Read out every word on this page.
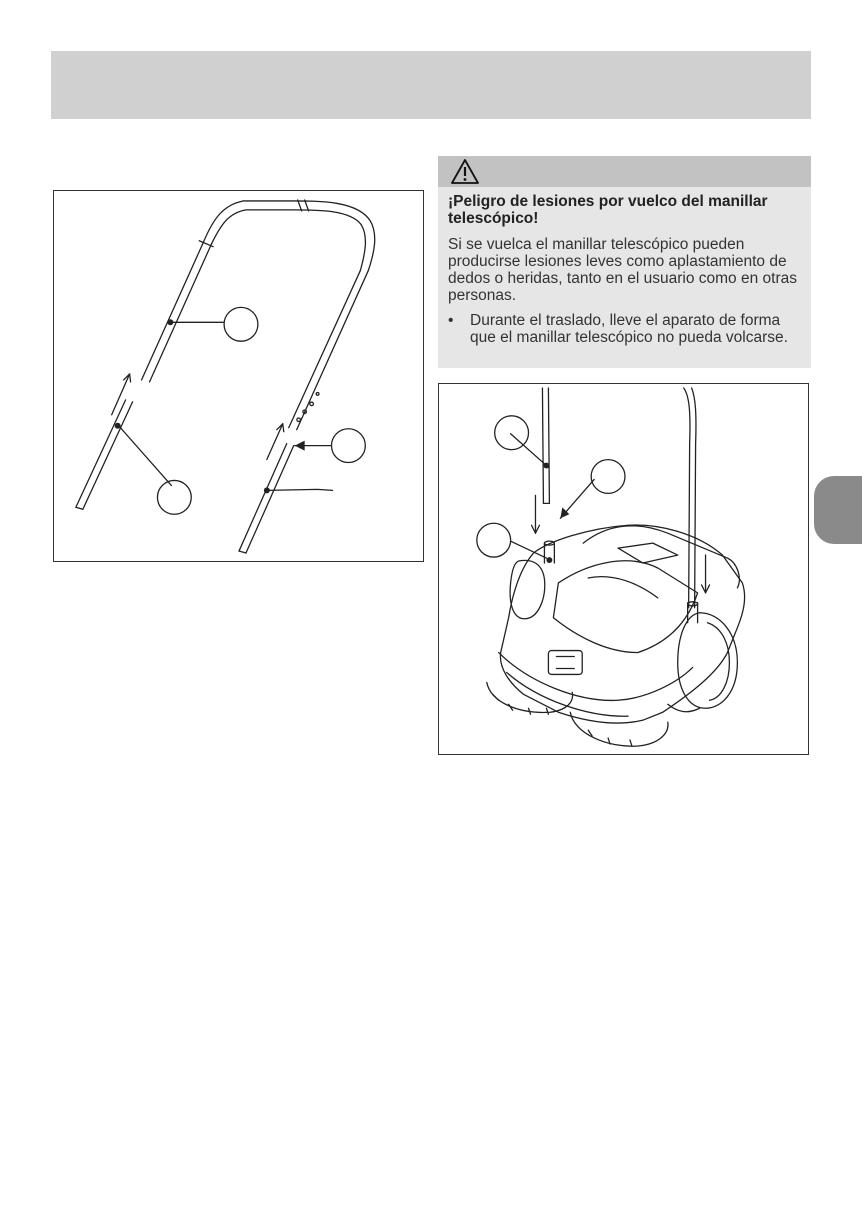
¡Peligro de lesiones por vuelco del manillar telescópico!
Si se vuelca el manillar telescópico pueden producirse lesiones leves como aplastamiento de dedos o heridas, tanto en el usuario como en otras personas.
•	Durante el traslado, lleve el aparato de forma que el manillar telescópico no pueda volcarse.
